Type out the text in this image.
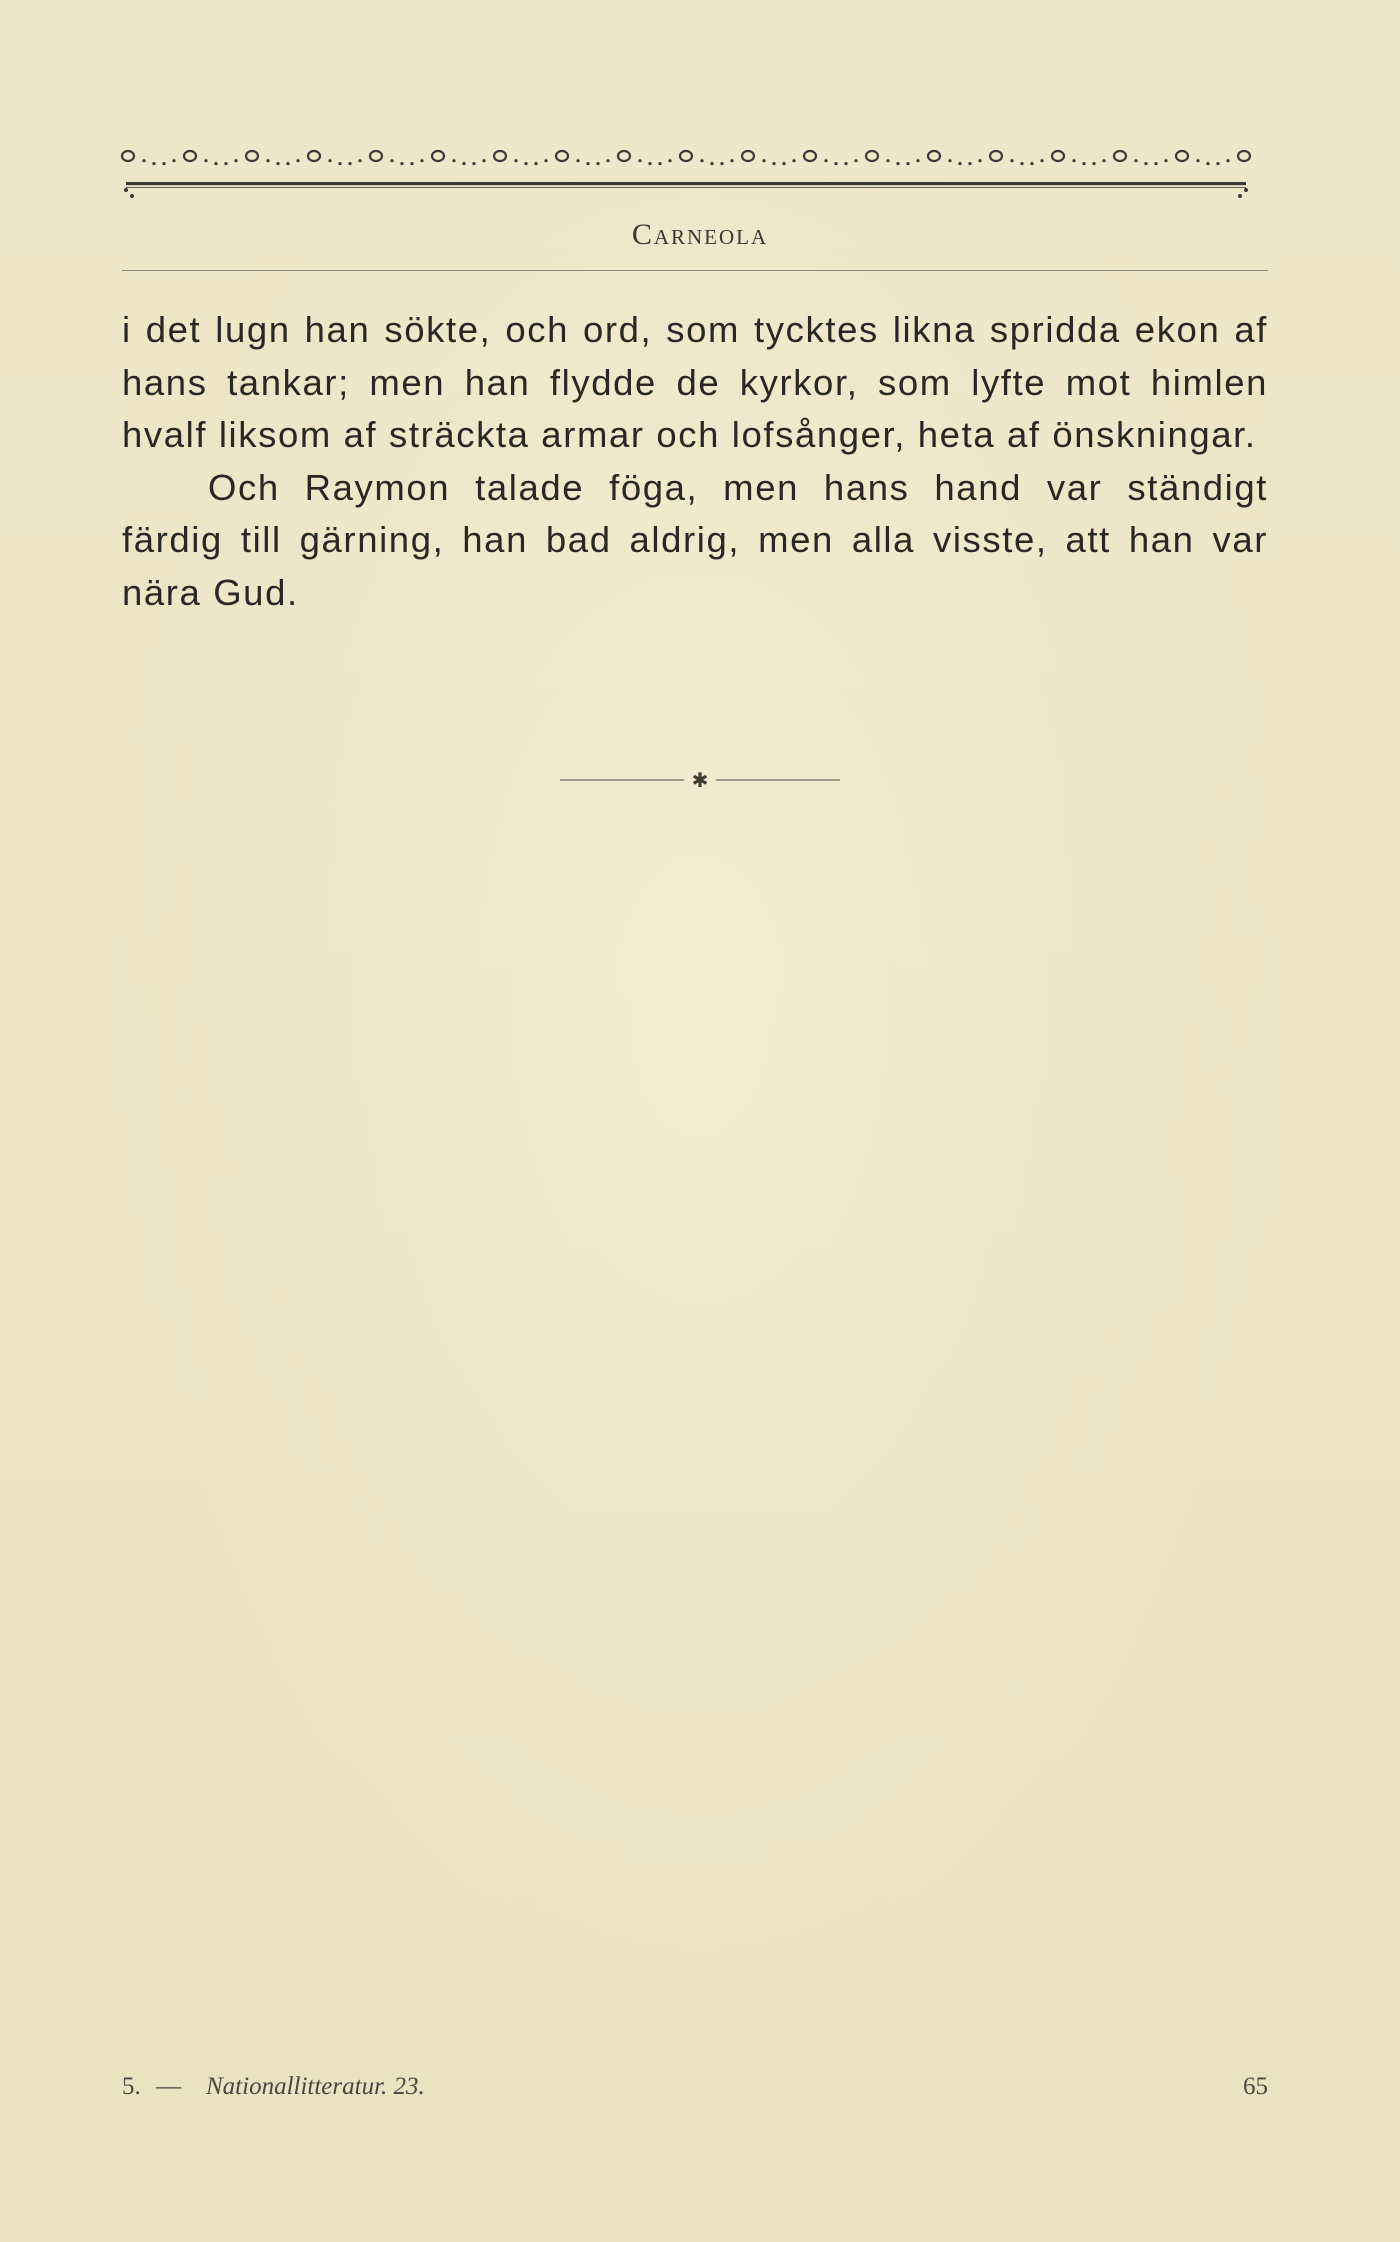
Carneola

i det lugn han sökte, och ord, som tycktes likna spridda ekon af hans tankar; men han flydde de kyrkor, som lyfte mot himlen hvalf liksom af sträckta armar och lofsånger, heta af önskningar.

Och Raymon talade föga, men hans hand var ständigt färdig till gärning, han bad aldrig, men alla visste, att han var nära Gud.

✱
5. — Nationallitteratur. 23.	65
